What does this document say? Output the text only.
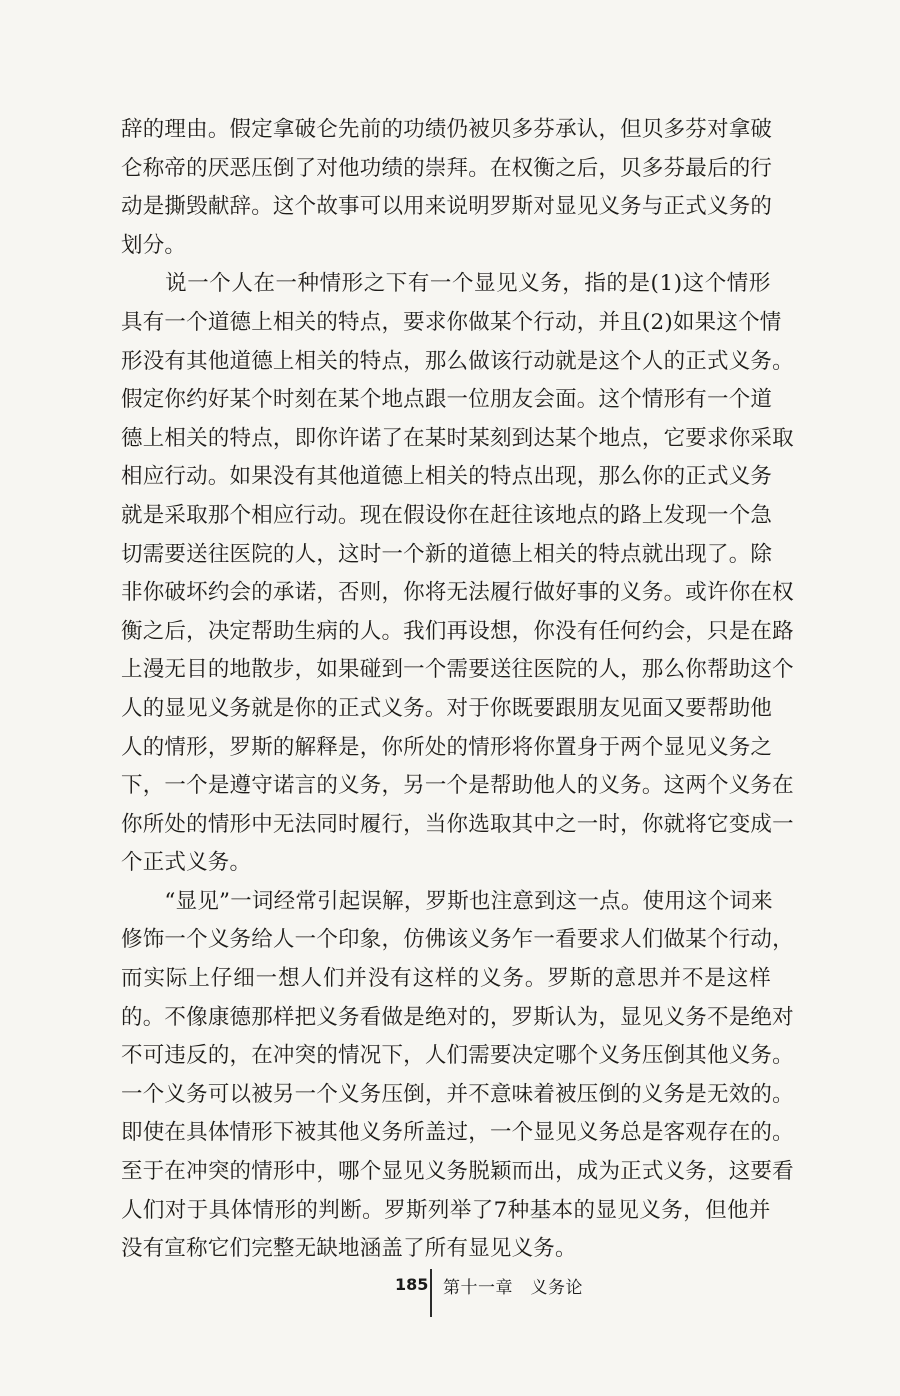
辞 的 理 由 。 假 定 拿 破 仑 先 前 的 功 绩 仍 被 贝 多 芬 承 认 ， 但 贝 多 芬 对 拿 破
仑 称 帝 的 厌 恶 压 倒 了 对 他 功 绩 的 崇 拜 。 在 权 衡 之 后 ， 贝 多 芬 最 后 的 行
动 是 撕 毁 献 辞 。 这 个 故 事 可 以 用 来 说 明 罗 斯 对 显 见 义 务 与 正 式 义 务 的
划分。

说 一 个 人 在 一 种 情 形 之 下 有 一 个 显 见 义 务 ， 指 的 是 ( 1 ) 这 个 情 形
具 有 一 个 道 德 上 相 关 的 特 点 ， 要 求 你 做 某 个 行 动 ， 并 且 ( 2 ) 如 果 这 个 情
形 没 有 其 他 道 德 上 相 关 的 特 点 ， 那 么 做 该 行 动 就 是 这 个 人 的 正 式 义 务 。
假 定 你 约 好 某 个 时 刻 在 某 个 地 点 跟 一 位 朋 友 会 面 。 这 个 情 形 有 一 个 道
德 上 相 关 的 特 点 ， 即 你 许 诺 了 在 某 时 某 刻 到 达 某 个 地 点 ， 它 要 求 你 采 取
相 应 行 动 。 如 果 没 有 其 他 道 德 上 相 关 的 特 点 出 现 ， 那 么 你 的 正 式 义 务
就 是 采 取 那 个 相 应 行 动 。 现 在 假 设 你 在 赶 往 该 地 点 的 路 上 发 现 一 个 急
切 需 要 送 往 医 院 的 人 ， 这 时 一 个 新 的 道 德 上 相 关 的 特 点 就 出 现 了 。 除
非 你 破 坏 约 会 的 承 诺 ， 否 则 ， 你 将 无 法 履 行 做 好 事 的 义 务 。 或 许 你 在 权
衡 之 后 ， 决 定 帮 助 生 病 的 人 。 我 们 再 设 想 ， 你 没 有 任 何 约 会 ， 只 是 在 路
上 漫 无 目 的 地 散 步 ， 如 果 碰 到 一 个 需 要 送 往 医 院 的 人 ， 那 么 你 帮 助 这 个
人 的 显 见 义 务 就 是 你 的 正 式 义 务 。 对 于 你 既 要 跟 朋 友 见 面 又 要 帮 助 他
人 的 情 形 ， 罗 斯 的 解 释 是 ， 你 所 处 的 情 形 将 你 置 身 于 两 个 显 见 义 务 之
下 ， 一 个 是 遵 守 诺 言 的 义 务 ， 另 一 个 是 帮 助 他 人 的 义 务 。 这 两 个 义 务 在
你 所 处 的 情 形 中 无 法 同 时 履 行 ， 当 你 选 取 其 中 之 一 时 ， 你 就 将 它 变 成 一
个正式义务。

“ 显 见 ” 一 词 经 常 引 起 误 解 ， 罗 斯 也 注 意 到 这 一 点 。 使 用 这 个 词 来
修 饰 一 个 义 务 给 人 一 个 印 象 ， 仿 佛 该 义 务 乍 一 看 要 求 人 们 做 某 个 行 动 ，
而 实 际 上 仔 细 一 想 人 们 并 没 有 这 样 的 义 务 。 罗 斯 的 意 思 并 不 是 这 样
的 。 不 像 康 德 那 样 把 义 务 看 做 是 绝 对 的 ， 罗 斯 认 为 ， 显 见 义 务 不 是 绝 对
不 可 违 反 的 ， 在 冲 突 的 情 况 下 ， 人 们 需 要 决 定 哪 个 义 务 压 倒 其 他 义 务 。
一 个 义 务 可 以 被 另 一 个 义 务 压 倒 ， 并 不 意 味 着 被 压 倒 的 义 务 是 无 效 的 。
即 使 在 具 体 情 形 下 被 其 他 义 务 所 盖 过 ， 一 个 显 见 义 务 总 是 客 观 存 在 的 。
至 于 在 冲 突 的 情 形 中 ， 哪 个 显 见 义 务 脱 颖 而 出 ， 成 为 正 式 义 务 ， 这 要 看
人 们 对 于 具 体 情 形 的 判 断 。 罗 斯 列 举 了 7 种 基 本 的 显 见 义 务 ， 但 他 并
没有宣称它们完整无缺地涵盖了所有显见义务。
185 第十一章　义务论
